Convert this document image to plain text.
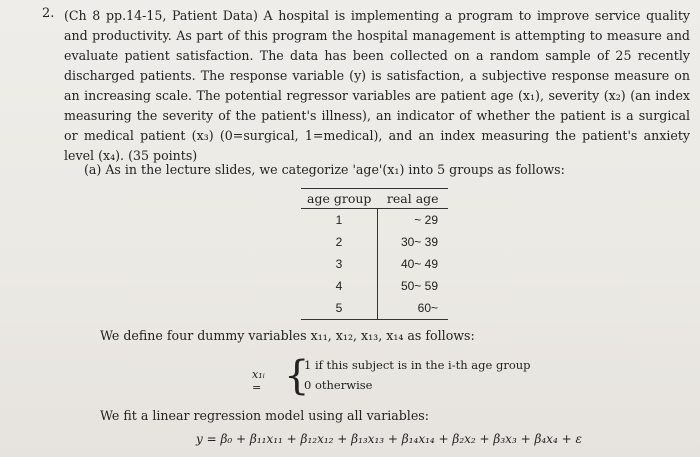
2. (Ch 8 pp.14-15, Patient Data) A hospital is implementing a program to improve service quality and productivity. As part of this program the hospital management is attempting to measure and evaluate patient satisfaction. The data has been collected on a random sample of 25 recently discharged patients. The response variable (y) is satisfaction, a subjective response measure on an increasing scale. The potential regressor variables are patient age (x₁), severity (x₂) (an index measuring the severity of the patient's illness), an indicator of whether the patient is a surgical or medical patient (x₃) (0=surgical, 1=medical), and an index measuring the patient's anxiety level (x₄). (35 points)
(a) As in the lecture slides, we categorize 'age'(x₁) into 5 groups as follows:
age group	real age
1	~ 29
2	30~ 39
3	40~ 49
4	50~ 59
5	60~
We define four dummy variables x₁₁, x₁₂, x₁₃, x₁₄ as follows:
x₁ᵢ = {
1 if this subject is in the i-th age group
0 otherwise
We fit a linear regression model using all variables:
y = β₀ + β₁₁x₁₁ + β₁₂x₁₂ + β₁₃x₁₃ + β₁₄x₁₄ + β₂x₂ + β₃x₃ + β₄x₄ + ε
